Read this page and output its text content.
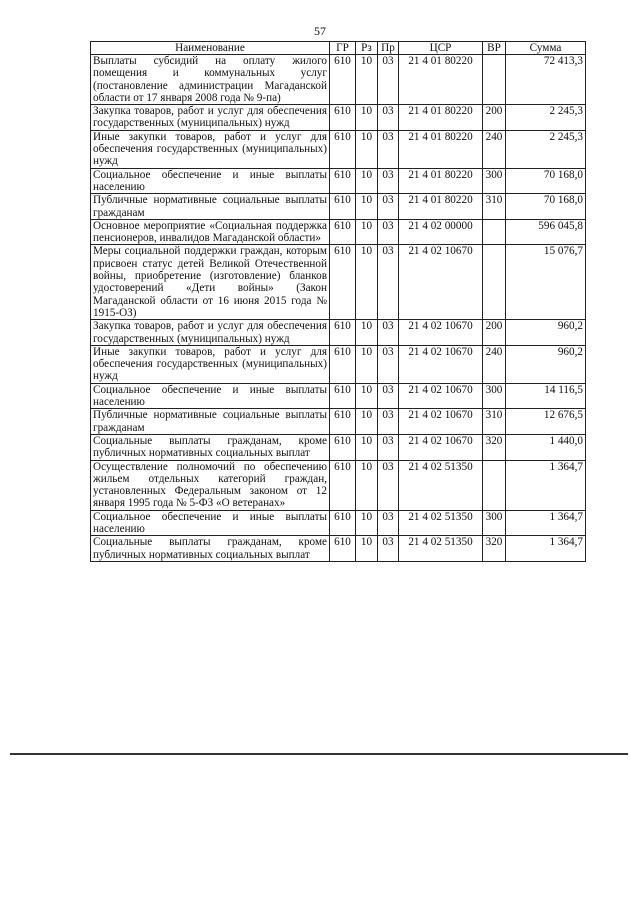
57
Наименование	ГР	Рз	Пр	ЦСР	ВР	Сумма
Выплаты субсидий на оплату жилого помещения и коммунальных услуг (постановление администрации Магаданской области от 17 января 2008 года № 9-па)	610	10	03	21 4 01 80220		72 413,3
Закупка товаров, работ и услуг для обеспечения государственных (муниципальных) нужд	610	10	03	21 4 01 80220	200	2 245,3
Иные закупки товаров, работ и услуг для обеспечения государственных (муниципальных) нужд	610	10	03	21 4 01 80220	240	2 245,3
Социальное обеспечение и иные выплаты населению	610	10	03	21 4 01 80220	300	70 168,0
Публичные нормативные социальные выплаты гражданам	610	10	03	21 4 01 80220	310	70 168,0
Основное мероприятие «Социальная поддержка пенсионеров, инвалидов Магаданской области»	610	10	03	21 4 02 00000		596 045,8
Меры социальной поддержки граждан, которым присвоен статус детей Великой Отечественной войны, приобретение (изготовление) бланков удостоверений «Дети войны» (Закон Магаданской области от 16 июня 2015 года № 1915-ОЗ)	610	10	03	21 4 02 10670		15 076,7
Закупка товаров, работ и услуг для обеспечения государственных (муниципальных) нужд	610	10	03	21 4 02 10670	200	960,2
Иные закупки товаров, работ и услуг для обеспечения государственных (муниципальных) нужд	610	10	03	21 4 02 10670	240	960,2
Социальное обеспечение и иные выплаты населению	610	10	03	21 4 02 10670	300	14 116,5
Публичные нормативные социальные выплаты гражданам	610	10	03	21 4 02 10670	310	12 676,5
Социальные выплаты гражданам, кроме публичных нормативных социальных выплат	610	10	03	21 4 02 10670	320	1 440,0
Осуществление полномочий по обеспечению жильем отдельных категорий граждан, установленных Федеральным законом от 12 января 1995 года № 5-ФЗ «О ветеранах»	610	10	03	21 4 02 51350		1 364,7
Социальное обеспечение и иные выплаты населению	610	10	03	21 4 02 51350	300	1 364,7
Социальные выплаты гражданам, кроме публичных нормативных социальных выплат	610	10	03	21 4 02 51350	320	1 364,7
